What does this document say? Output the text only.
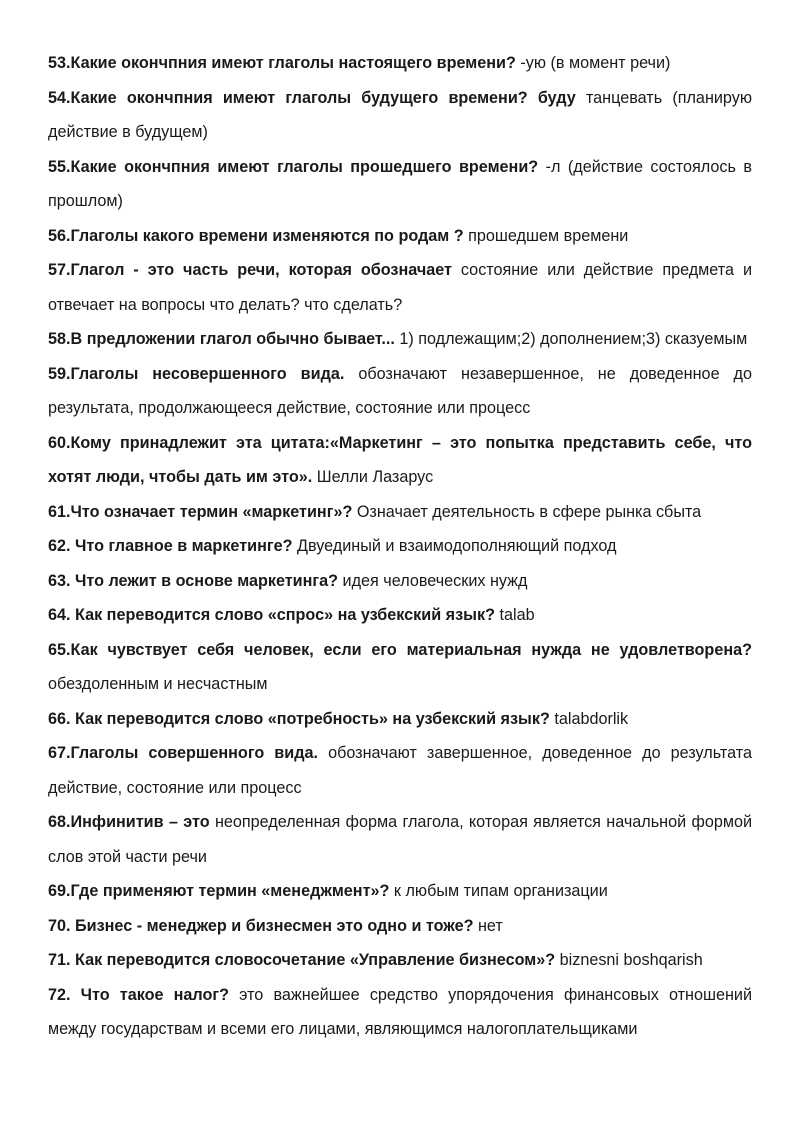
53.Какие окончпния имеют глаголы настоящего времени? -ую (в момент речи)

54.Какие окончпния имеют глаголы будущего времени? буду танцевать (планирую действие в будущем)

55.Какие окончпния имеют глаголы прошедшего времени? -л (действие состоялось в прошлом)

56.Глаголы какого времени изменяются по родам ? прошедшем времени

57.Глагол - это часть речи, которая обозначает состояние или действие предмета и отвечает на вопросы что делать? что сделать?

58.В предложении глагол обычно бывает... 1) подлежащим;2) дополнением;3) сказуемым

59.Глаголы несовершенного вида. обозначают незавершенное, не доведенное до результата, продолжающееся действие, состояние или процесс

60.Кому принадлежит эта цитата:«Маркетинг – это попытка представить себе, что хотят люди, чтобы дать им это». Шелли Лазарус

61.Что означает термин «маркетинг»? Означает деятельность в сфере рынка сбыта

62. Что главное в маркетинге? Двуединый и взаимодополняющий подход

63. Что лежит в основе маркетинга? идея человеческих нужд

64. Как переводится слово «спрос» на узбекский язык? talab

65.Как чувствует себя человек, если его материальная нужда не удовлетворена? обездоленным и несчастным

66. Как переводится слово «потребность» на узбекский язык? talabdorlik

67.Глаголы совершенного вида. обозначают завершенное, доведенное до результата действие, состояние или процесс

68.Инфинитив – это неопределенная форма глагола, которая является начальной формой слов этой части речи

69.Где применяют термин «менеджмент»? к любым типам организации

70. Бизнес - менеджер и бизнесмен это одно и тоже? нет

71. Как переводится словосочетание «Управление бизнесом»? biznesni boshqarish

72. Что такое налог? это важнейшее средство упорядочения финансовых отношений между государствам и всеми его лицами, являющимся налогоплательщиками
